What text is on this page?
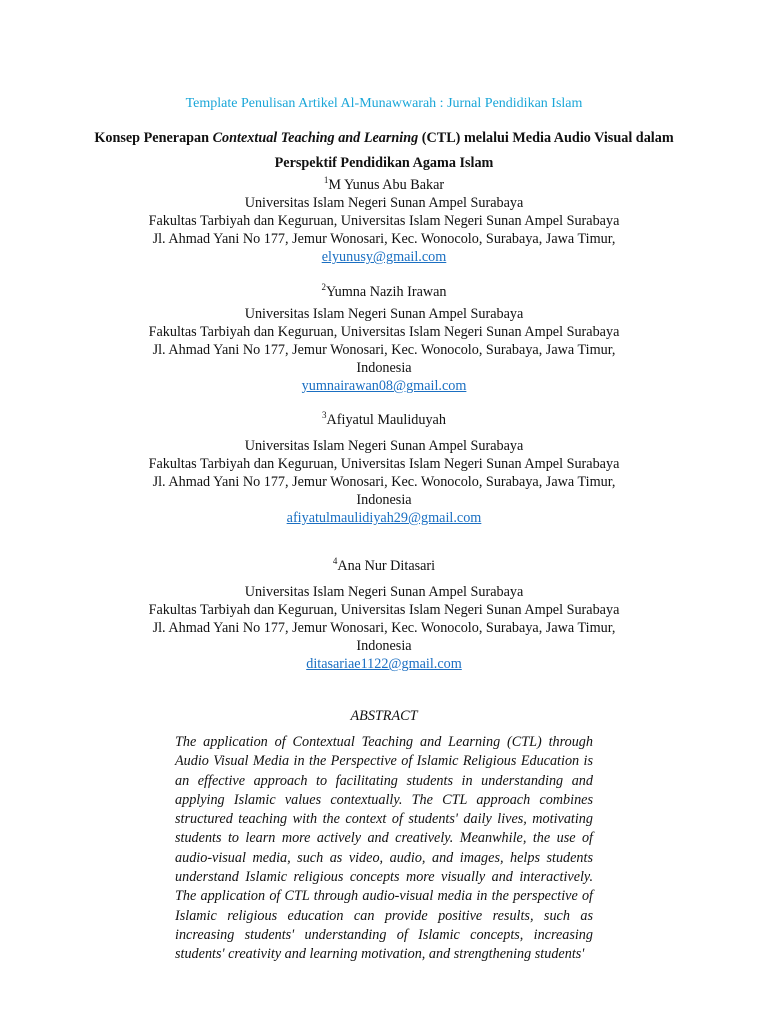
Template Penulisan Artikel Al-Munawwarah : Jurnal Pendidikan Islam
Konsep Penerapan Contextual Teaching and Learning (CTL) melalui Media Audio Visual dalam Perspektif Pendidikan Agama Islam
$^1$M Yunus Abu Bakar
Universitas Islam Negeri Sunan Ampel Surabaya
Fakultas Tarbiyah dan Keguruan, Universitas Islam Negeri Sunan Ampel Surabaya
Jl. Ahmad Yani No 177, Jemur Wonosari, Kec. Wonocolo, Surabaya, Jawa Timur,
elyunusy@gmail.com
$^2$Yumna Nazih Irawan
Universitas Islam Negeri Sunan Ampel Surabaya
Fakultas Tarbiyah dan Keguruan, Universitas Islam Negeri Sunan Ampel Surabaya
Jl. Ahmad Yani No 177, Jemur Wonosari, Kec. Wonocolo, Surabaya, Jawa Timur,
Indonesia
yumnairawan08@gmail.com
$^3$Afiyatul Mauliduyah
Universitas Islam Negeri Sunan Ampel Surabaya
Fakultas Tarbiyah dan Keguruan, Universitas Islam Negeri Sunan Ampel Surabaya
Jl. Ahmad Yani No 177, Jemur Wonosari, Kec. Wonocolo, Surabaya, Jawa Timur,
Indonesia
afiyatulmaulidiyah29@gmail.com
$^4$Ana Nur Ditasari
Universitas Islam Negeri Sunan Ampel Surabaya
Fakultas Tarbiyah dan Keguruan, Universitas Islam Negeri Sunan Ampel Surabaya
Jl. Ahmad Yani No 177, Jemur Wonosari, Kec. Wonocolo, Surabaya, Jawa Timur,
Indonesia
ditasariae1122@gmail.com
ABSTRACT
The application of Contextual Teaching and Learning (CTL) through Audio Visual Media in the Perspective of Islamic Religious Education is an effective approach to facilitating students in understanding and applying Islamic values contextually. The CTL approach combines structured teaching with the context of students' daily lives, motivating students to learn more actively and creatively. Meanwhile, the use of audio-visual media, such as video, audio, and images, helps students understand Islamic religious concepts more visually and interactively. The application of CTL through audio-visual media in the perspective of Islamic religious education can provide positive results, such as increasing students' understanding of Islamic concepts, increasing students' creativity and learning motivation, and strengthening students'
